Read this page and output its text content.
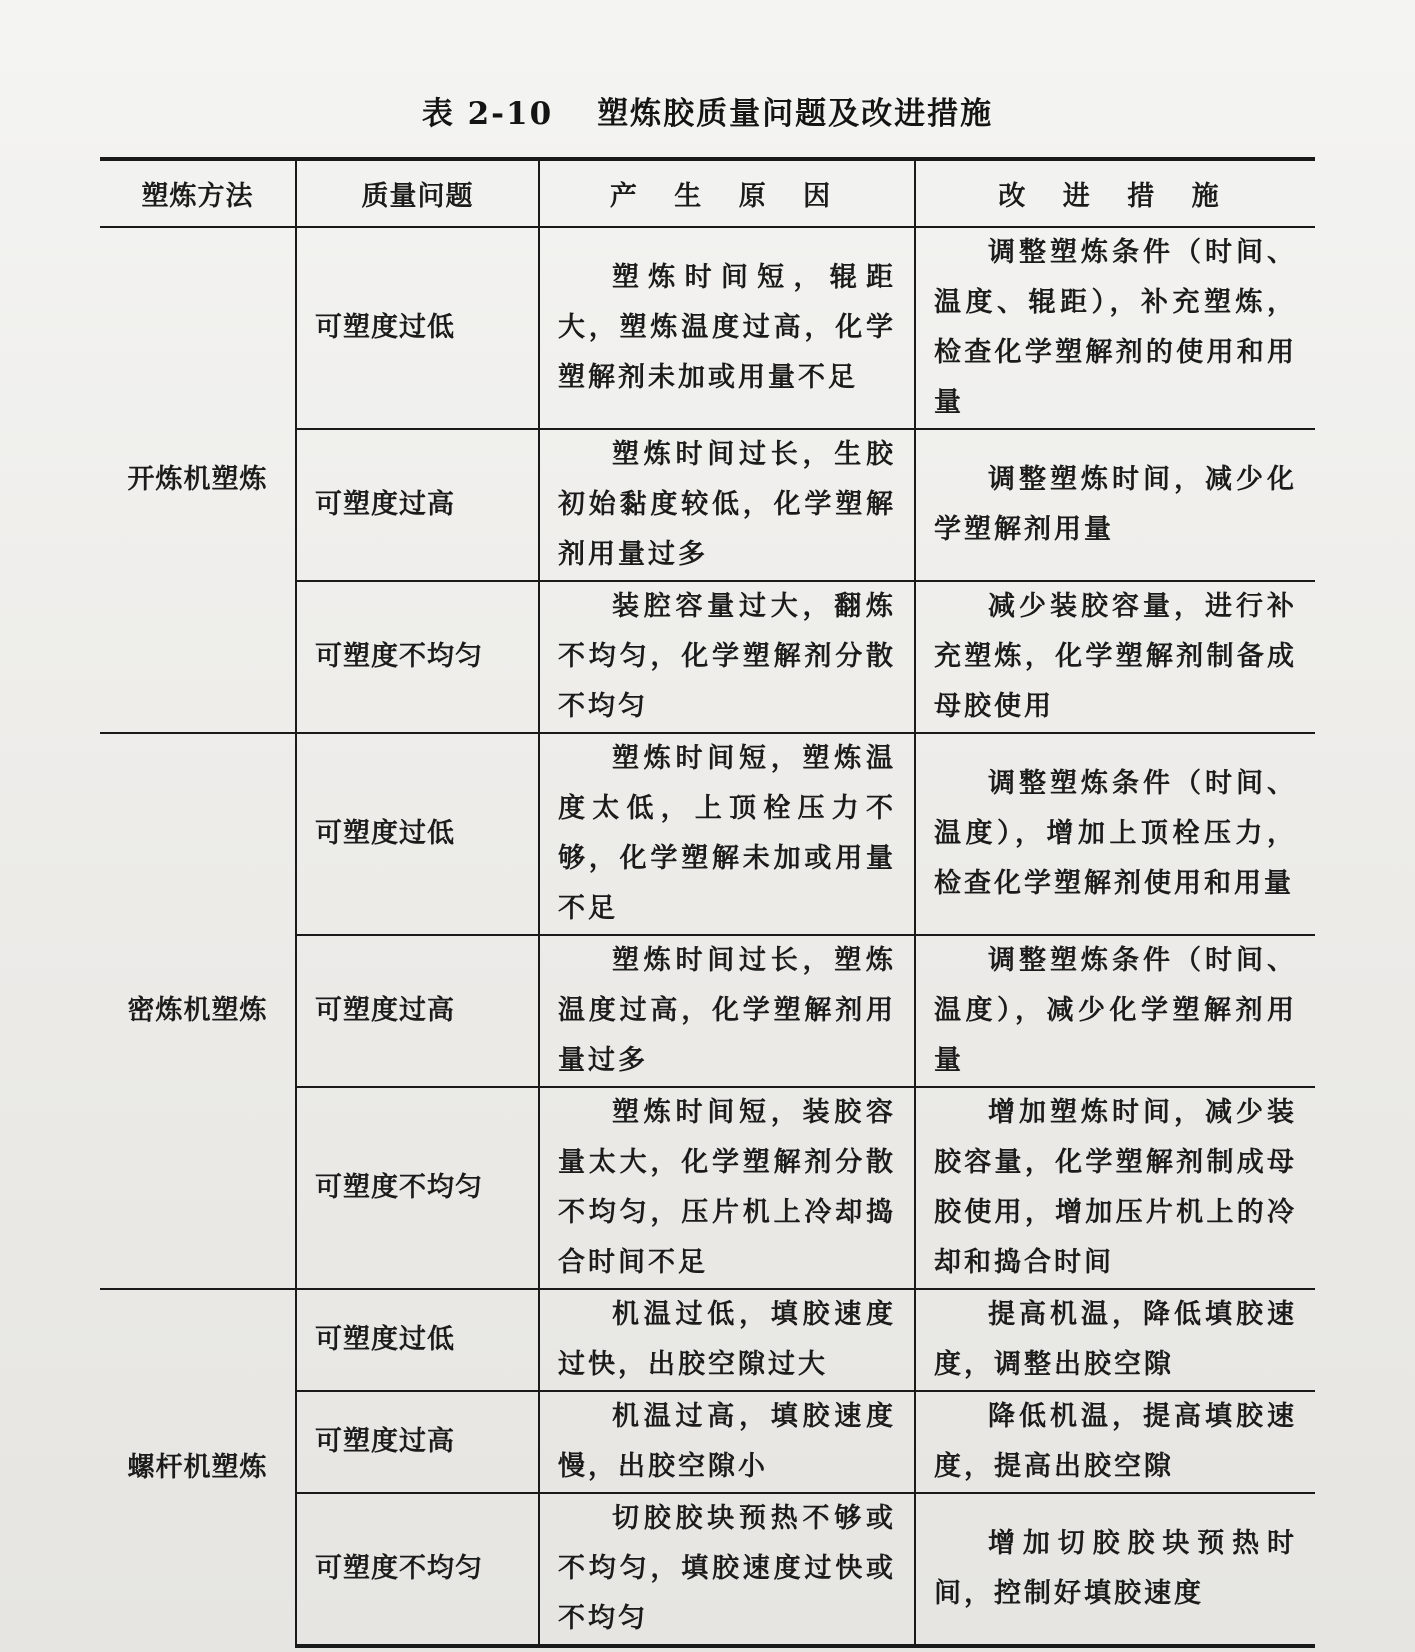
表 2-10 塑炼胶质量问题及改进措施
塑炼方法	质量问题	产 生 原 因	改 进 措 施
开炼机塑炼	可塑度过低	塑炼时间短，辊距大，塑炼温度过高，化学塑解剂未加或用量不足	调整塑炼条件（时间、温度、辊距），补充塑炼，检查化学塑解剂的使用和用量
	可塑度过高	塑炼时间过长，生胶初始黏度较低，化学塑解剂用量过多	调整塑炼时间，减少化学塑解剂用量
	可塑度不均匀	装腔容量过大，翻炼不均匀，化学塑解剂分散不均匀	减少装胶容量，进行补充塑炼，化学塑解剂制备成母胶使用
密炼机塑炼	可塑度过低	塑炼时间短，塑炼温度太低，上顶栓压力不够，化学塑解未加或用量不足	调整塑炼条件（时间、温度），增加上顶栓压力，检查化学塑解剂使用和用量
	可塑度过高	塑炼时间过长，塑炼温度过高，化学塑解剂用量过多	调整塑炼条件（时间、温度），减少化学塑解剂用量
	可塑度不均匀	塑炼时间短，装胶容量太大，化学塑解剂分散不均匀，压片机上冷却捣合时间不足	增加塑炼时间，减少装胶容量，化学塑解剂制成母胶使用，增加压片机上的冷却和捣合时间
螺杆机塑炼	可塑度过低	机温过低，填胶速度过快，出胶空隙过大	提高机温，降低填胶速度，调整出胶空隙
	可塑度过高	机温过高，填胶速度慢，出胶空隙小	降低机温，提高填胶速度，提高出胶空隙
	可塑度不均匀	切胶胶块预热不够或不均匀，填胶速度过快或不均匀	增加切胶胶块预热时间，控制好填胶速度
